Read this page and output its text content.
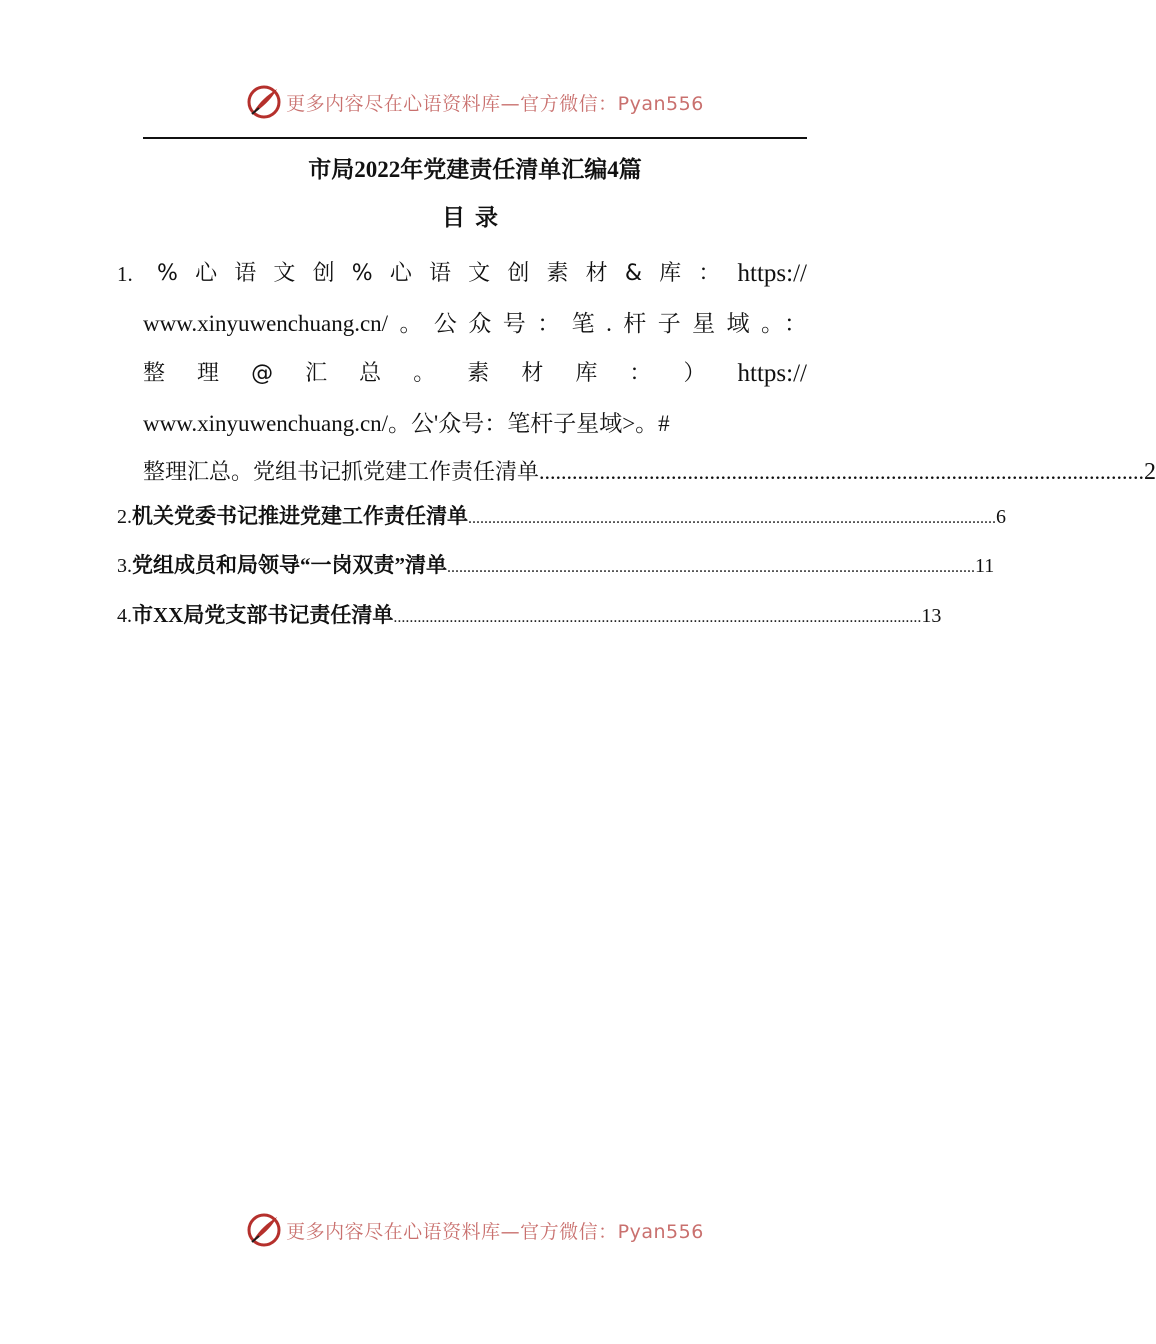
更多内容尽在心语资料库—官方微信：Pyan556
市局2022年党建责任清单汇编4篇
目录
1. % 心 语 文 创 % 心 语 文 创 素 材 & 库 ： https://
www.xinyuwenchuang.cn/。公众号：笔.杆子星域。：
整 理 @ 汇 总 。 素 材 库 ： ） https://
www.xinyuwenchuang.cn/。公'众号：笔杆子星域>。#
整理汇总。党组书记抓党建工作责任清单 .............................................................................................................. 2
2. 机关党委书记推进党建工作责任清单 .................................................................................................................................... 6
3. 党组成员和局领导“一岗双责”清单 .................................................................................................................................... 11
4. 市XX局党支部书记责任清单 .................................................................................................................................... 13
更多内容尽在心语资料库—官方微信：Pyan556
